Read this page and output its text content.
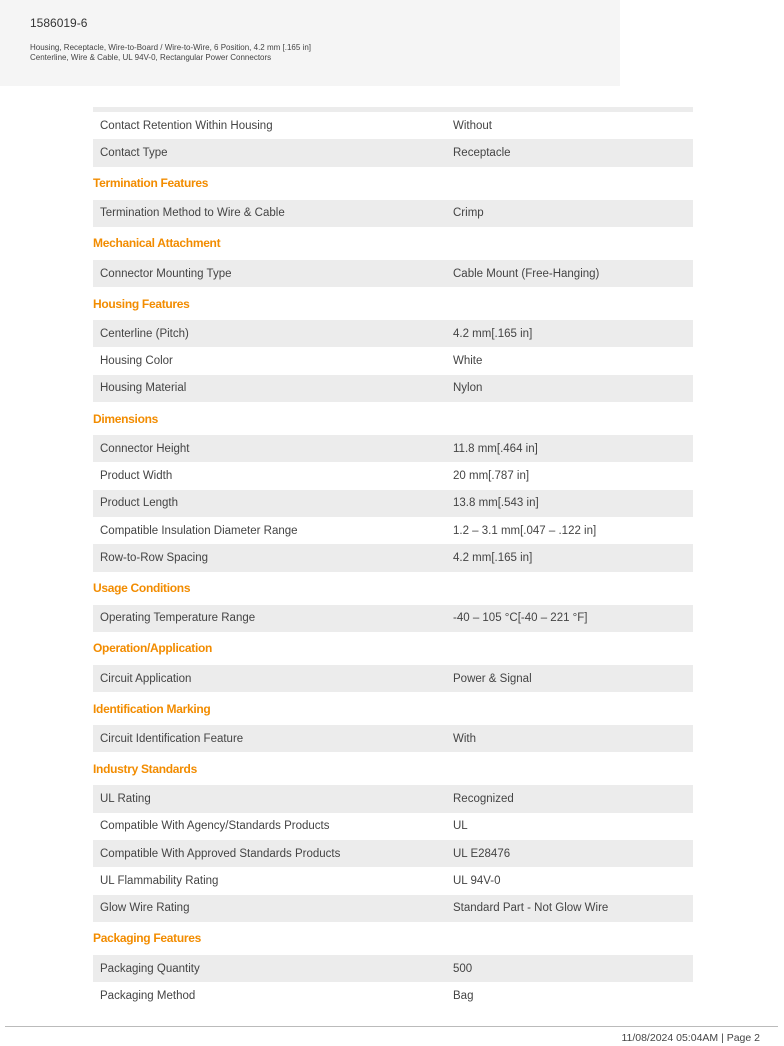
1586019-6
Housing, Receptacle, Wire-to-Board / Wire-to-Wire, 6 Position, 4.2 mm [.165 in]
Centerline, Wire & Cable, UL 94V-0, Rectangular Power Connectors
Contact Retention Within Housing	Without
Contact Type	Receptacle
Termination Features
Termination Method to Wire & Cable	Crimp
Mechanical Attachment
Connector Mounting Type	Cable Mount (Free-Hanging)
Housing Features
Centerline (Pitch)	4.2 mm[.165 in]
Housing Color	White
Housing Material	Nylon
Dimensions
Connector Height	11.8 mm[.464 in]
Product Width	20 mm[.787 in]
Product Length	13.8 mm[.543 in]
Compatible Insulation Diameter Range	1.2 – 3.1 mm[.047 – .122 in]
Row-to-Row Spacing	4.2 mm[.165 in]
Usage Conditions
Operating Temperature Range	-40 – 105 °C[-40 – 221 °F]
Operation/Application
Circuit Application	Power & Signal
Identification Marking
Circuit Identification Feature	With
Industry Standards
UL Rating	Recognized
Compatible With Agency/Standards Products	UL
Compatible With Approved Standards Products	UL E28476
UL Flammability Rating	UL 94V-0
Glow Wire Rating	Standard Part - Not Glow Wire
Packaging Features
Packaging Quantity	500
Packaging Method	Bag
11/08/2024 05:04AM | Page 2
